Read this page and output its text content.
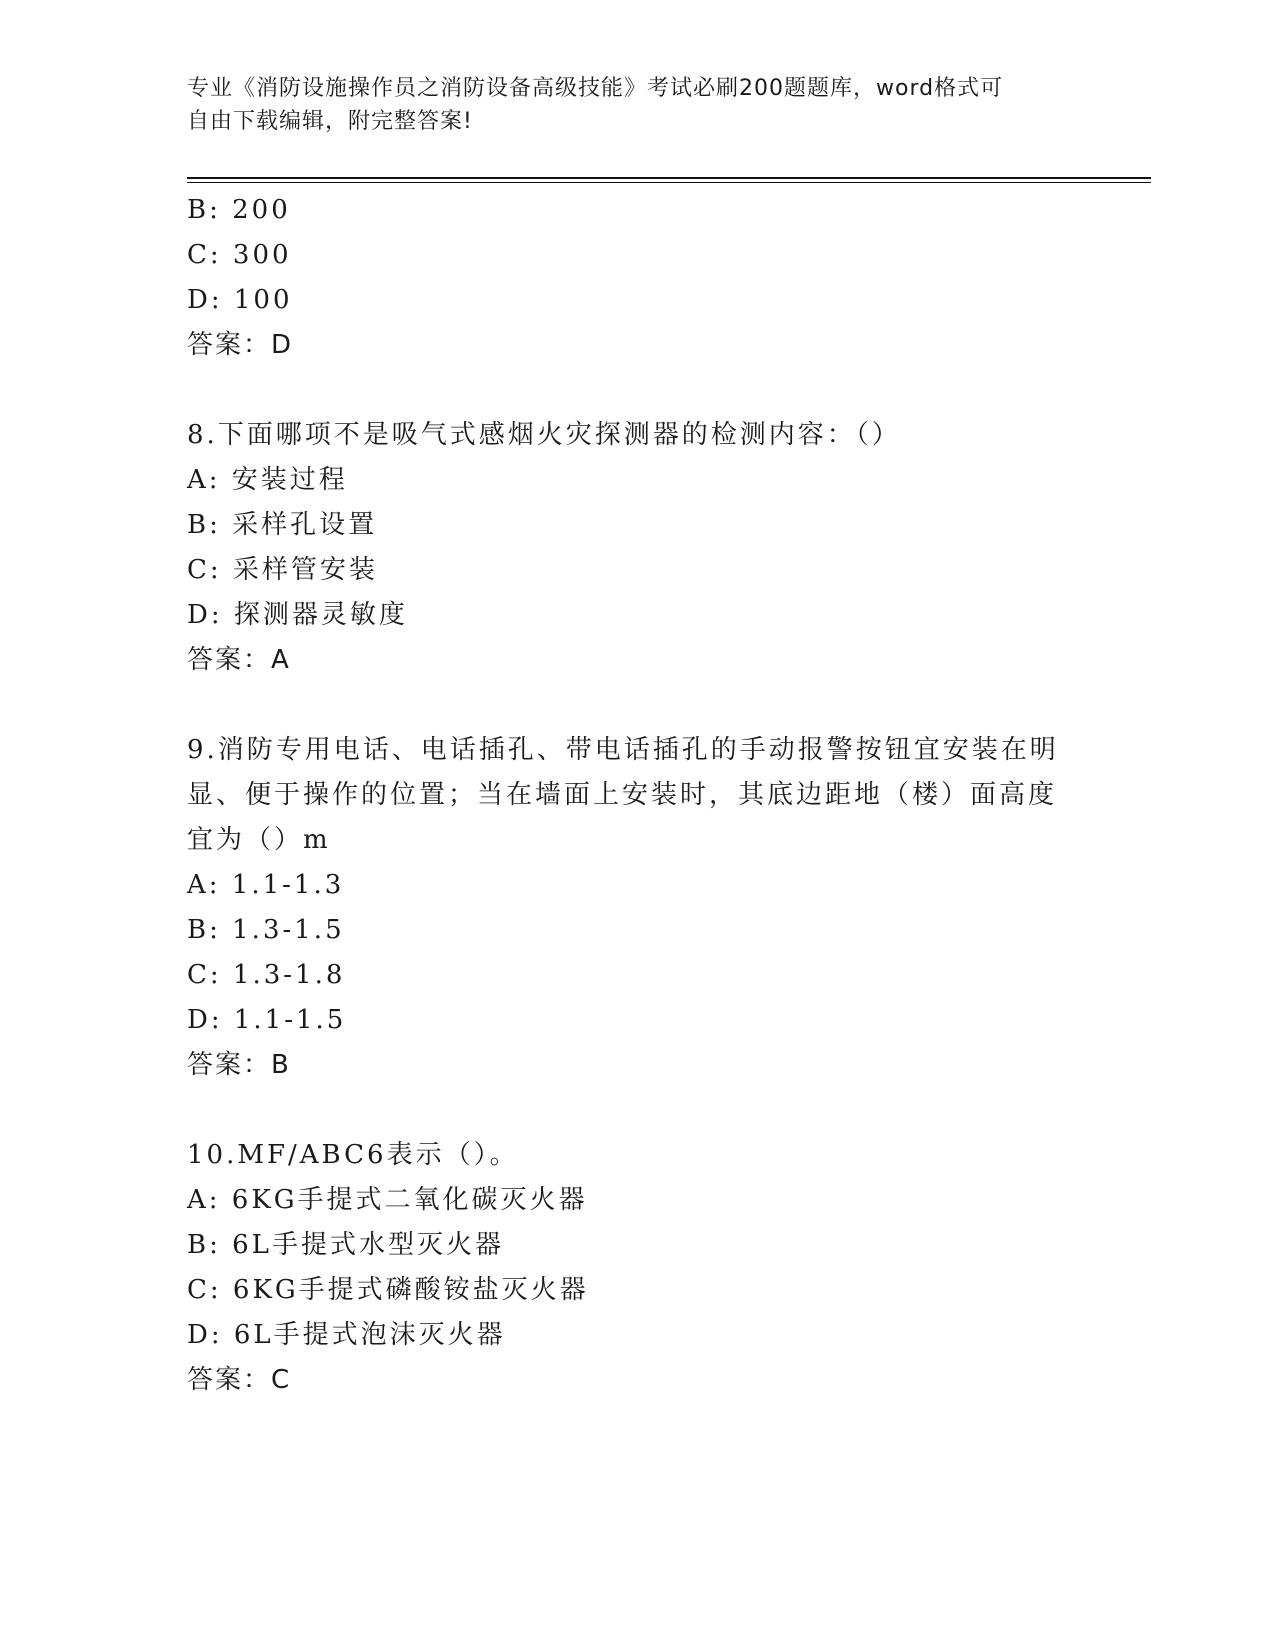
专业《消防设施操作员之消防设备高级技能》考试必刷200题题库，word格式可
自由下载编辑，附完整答案!
B: 200
C: 300
D: 100
答案：D
8.下面哪项不是吸气式感烟火灾探测器的检测内容：（）
A: 安装过程
B: 采样孔设置
C: 采样管安装
D: 探测器灵敏度
答案：A
9.消防专用电话、电话插孔、带电话插孔的手动报警按钮宜安装在明
显、便于操作的位置；当在墙面上安装时，其底边距地（楼）面高度
宜为（）m
A: 1.1-1.3
B: 1.3-1.5
C: 1.3-1.8
D: 1.1-1.5
答案：B
10.MF/ABC6表示（）。
A: 6KG手提式二氧化碳灭火器
B: 6L手提式水型灭火器
C: 6KG手提式磷酸铵盐灭火器
D: 6L手提式泡沫灭火器
答案：C
